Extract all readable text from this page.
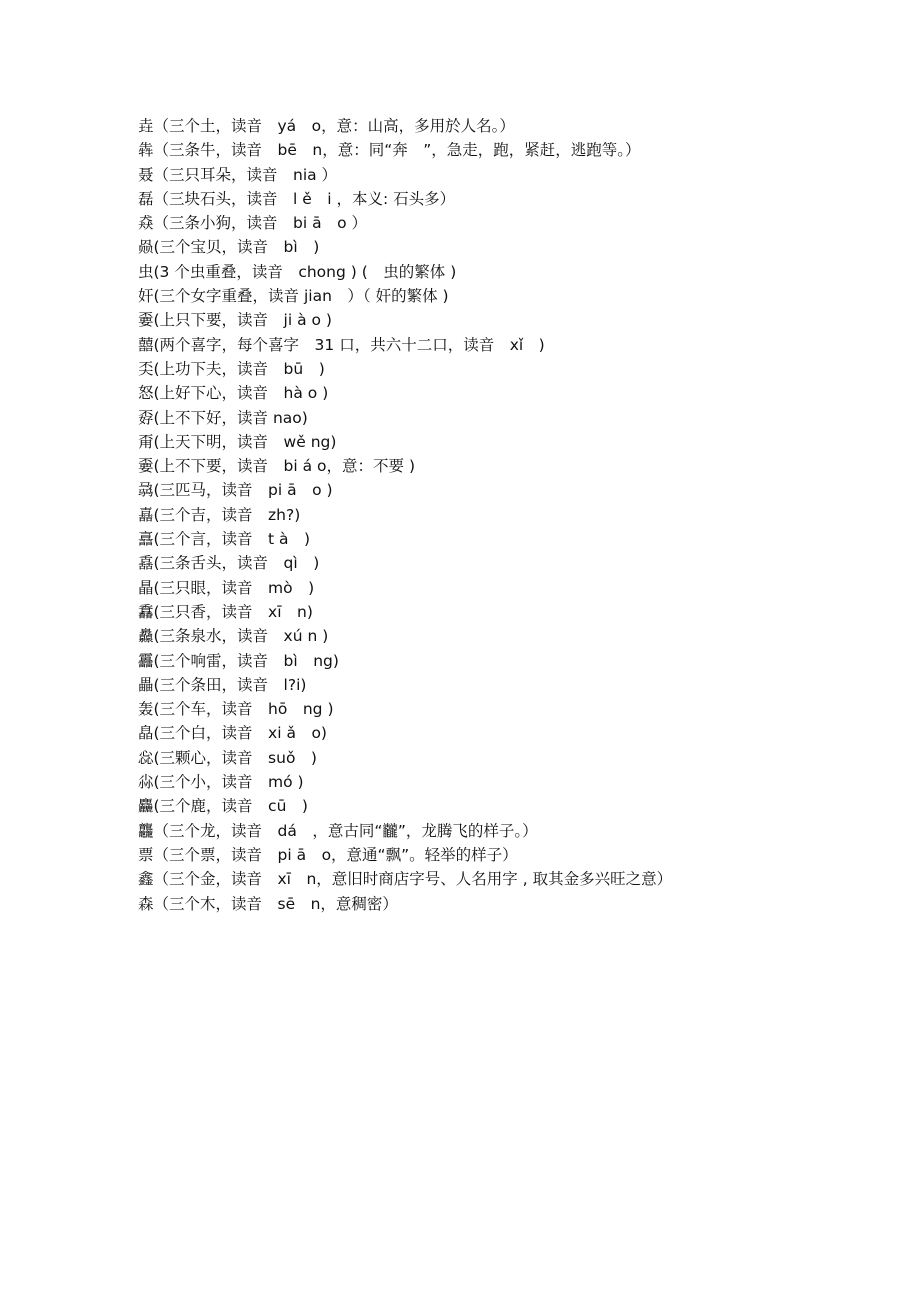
垚（三个土，读音　yá　o，意：山高，多用於人名。）
犇（三条牛，读音　bē　n，意：同“奔　”，急走，跑，紧赶，逃跑等。）
聂（三只耳朵，读音　nia ）
磊（三块石头，读音　l ě　i ，本义: 石头多）
猋（三条小狗，读音　bi ā　o ）
赑(三个宝贝，读音　bì　)
虫(3 个虫重叠，读音　chong ) (　虫的繁体 )
奸(三个女字重叠，读音 jian　）（ 奸的繁体 )
嫑(上只下要，读音　ji à o )
囍(两个喜字，每个喜字　31 口，共六十二口，读音　xǐ　)
奀(上功下夫，读音　bū　)
怒(上好下心，读音　hà o )
孬(上不下好，读音 nao)
甭(上天下明，读音　wě ng)
嫑(上不下要，读音　bi á o，意：不要 )
骉(三匹马，读音　pi ā　o )
嚞(三个吉，读音　zh?)
譶(三个言，读音　t à　)
舙(三条舌头，读音　qì　)
瞐(三只眼，读音　mò　)
馫(三只香，读音　xī　n)
灥(三条泉水，读音　xú n )
靐(三个响雷，读音　bì　ng)
畾(三个条田，读音　l?i)
轰(三个车，读音　hō　ng )
皛(三个白，读音　xi ǎ　o)
惢(三颗心，读音　suǒ　)
尛(三个小，读音　mó )
麤(三个鹿，读音　cū　)
龘（三个龙，读音　dá　，意古同“龖”，龙腾飞的样子。）
票（三个票，读音　pi ā　o，意通“飘”。轻举的样子）
鑫（三个金，读音　xī　n，意旧时商店字号、人名用字 , 取其金多兴旺之意）
森（三个木，读音　sē　n，意稠密）
